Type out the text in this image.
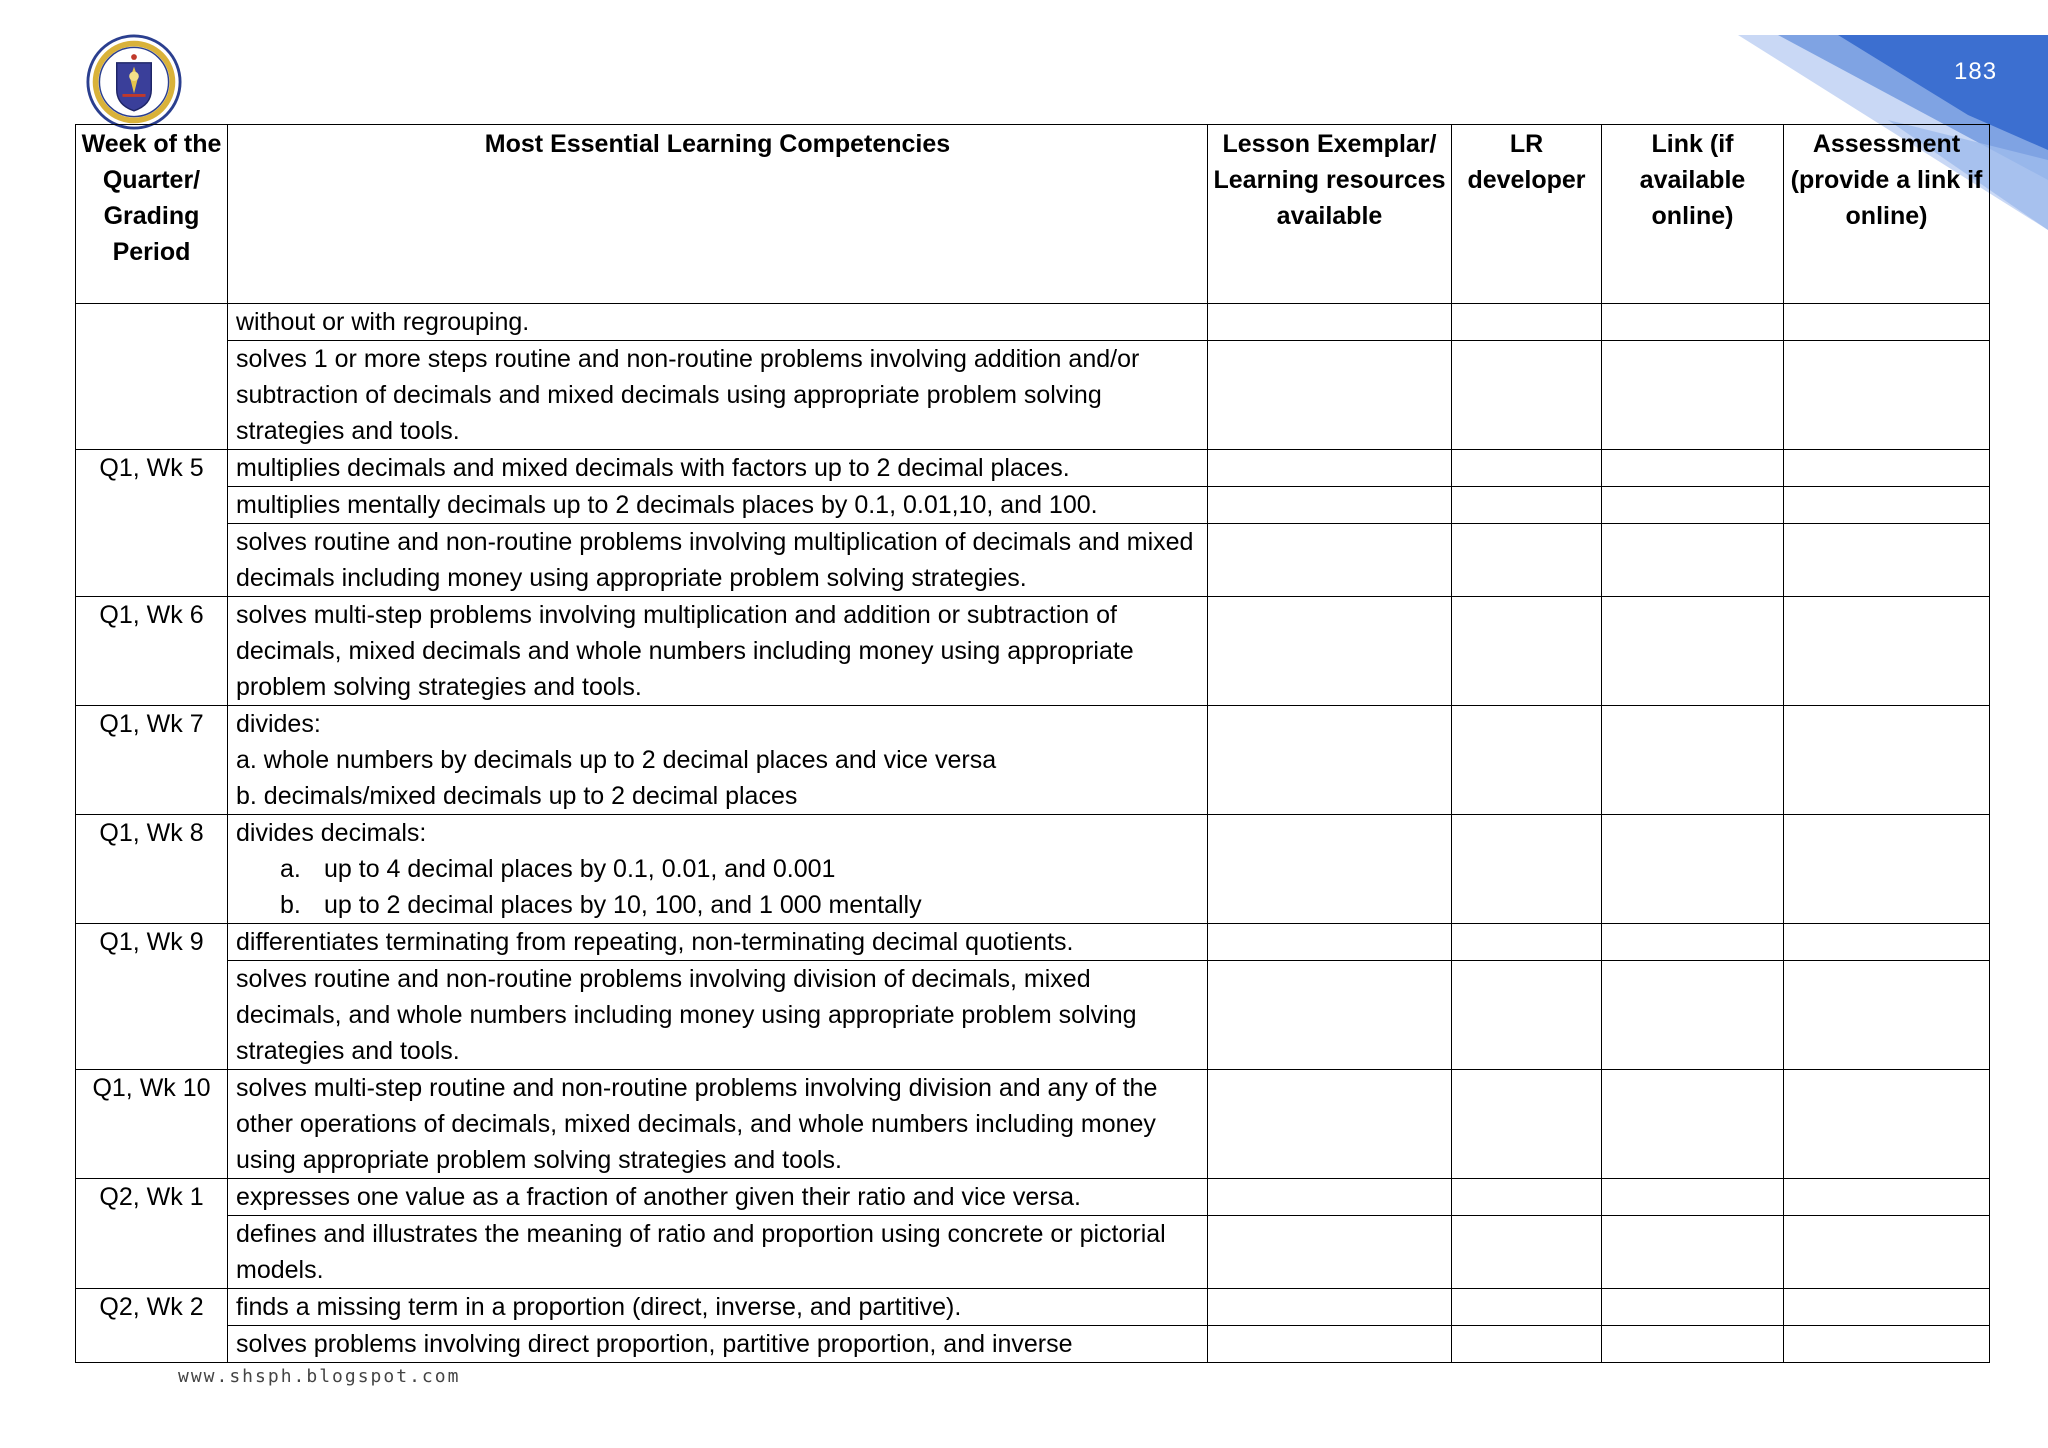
183
Week of the Quarter/ Grading Period	Most Essential Learning Competencies	Lesson Exemplar/ Learning resources available	LR developer	Link (if available online)	Assessment (provide a link if online)
	without or with regrouping.				
	solves 1 or more steps routine and non-routine problems involving addition and/or subtraction of decimals and mixed decimals using appropriate problem solving strategies and tools.				
Q1, Wk 5	multiplies decimals and mixed decimals with factors up to 2 decimal places.				
	multiplies mentally decimals up to 2 decimals places by 0.1, 0.01,10, and 100.				
	solves routine and non-routine problems involving multiplication of decimals and mixed decimals including money using appropriate problem solving strategies.				
Q1, Wk 6	solves multi-step problems involving multiplication and addition or subtraction of decimals, mixed decimals and whole numbers including money using appropriate problem solving strategies and tools.				
Q1, Wk 7	divides:
a. whole numbers by decimals up to 2 decimal places and vice versa
b. decimals/mixed decimals up to 2 decimal places				

Q1, Wk 8	divides decimals:
a. up to 4 decimal places by 0.1, 0.01, and 0.001
b. up to 2 decimal places by 10, 100, and 1 000 mentally				

Q1, Wk 9	differentiates terminating from repeating, non-terminating decimal quotients.				
	solves routine and non-routine problems involving division of decimals, mixed decimals, and whole numbers including money using appropriate problem solving strategies and tools.				
Q1, Wk 10	solves multi-step routine and non-routine problems involving division and any of the other operations of decimals, mixed decimals, and whole numbers including money using appropriate problem solving strategies and tools.				
Q2, Wk 1	expresses one value as a fraction of another given their ratio and vice versa.				
	defines and illustrates the meaning of ratio and proportion using concrete or pictorial models.				
Q2, Wk 2	finds a missing term in a proportion (direct, inverse, and partitive).				
	solves problems involving direct proportion, partitive proportion, and inverse				
www.shsph.blogspot.com
